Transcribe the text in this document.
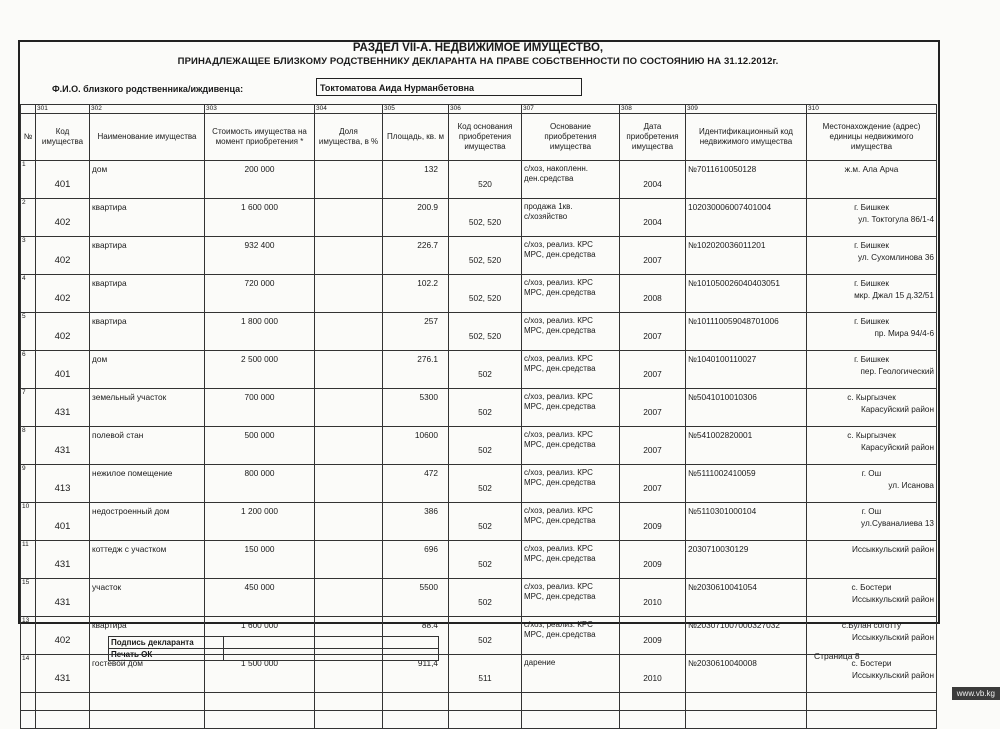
РАЗДЕЛ VII-А. НЕДВИЖИМОЕ ИМУЩЕСТВО,
ПРИНАДЛЕЖАЩЕЕ БЛИЗКОМУ РОДСТВЕННИКУ ДЕКЛАРАНТА НА ПРАВЕ СОБСТВЕННОСТИ ПО СОСТОЯНИЮ НА 31.12.2012г.
Ф.И.О. близкого родственника/иждивенца:	Токтоматова Аида Нурманбетовна
	301	302	303	304	305	306	307	308	309	310
№	Код имущества	Наименование имущества	Стоимость имущества на момент приобретения *	Доля имущества, в %	Площадь, кв. м	Код основания приобретения имущества	Основание приобретения имущества	Дата приобретения имущества	Идентификационный код недвижимого имущества	Местонахождение (адрес) единицы недвижимого имущества
1	401	дом	200 000		132	520	с/хоз, накопленн.
ден.средства	2004	№7011610050128	ж.м. Ала Арча

2	402	квартира	1 600 000		200.9	502, 520	продажа 1кв.
с/хозяйство	2004	102030006007401004	г. Бишкек
ул. Токтогула 86/1-4

3	402	квартира	932 400		226.7	502, 520	с/хоз, реализ. КРС
МРС, ден.средства	2007	№102020036011201	г. Бишкек
ул. Сухомлинова 36

4	402	квартира	720 000		102.2	502, 520	с/хоз, реализ. КРС
МРС, ден.средства	2008	№101050026040403051	г. Бишкек
мкр. Джал 15 д.32/51

5	402	квартира	1 800 000		257	502, 520	с/хоз, реализ. КРС
МРС, ден.средства	2007	№101110059048701006	г. Бишкек
пр. Мира 94/4-6

6	401	дом	2 500 000		276.1	502	с/хоз, реализ. КРС
МРС, ден.средства	2007	№1040100110027	г. Бишкек
пер. Геологический

7	431	земельный участок	700 000		5300	502	с/хоз, реализ. КРС
МРС, ден.средства	2007	№5041010010306	с. Кыргызчек
Карасуйский район

8	431	полевой стан	500 000		10600	502	с/хоз, реализ. КРС
МРС, ден.средства	2007	№541002820001	с. Кыргызчек
Карасуйский район

9	413	нежилое помещение	800 000		472	502	с/хоз, реализ. КРС
МРС, ден.средства	2007	№5111002410059	г. Ош
ул. Исанова

10	401	недостроенный дом	1 200 000		386	502	с/хоз, реализ. КРС
МРС, ден.средства	2009	№5110301000104	г. Ош
ул.Суваналиева 13

11	431	коттедж с участком	150 000		696	502	с/хоз, реализ. КРС
МРС, ден.средства	2009	20307100З0129	Иссыккульский район

15	431	участок	450 000		5500	502	с/хоз, реализ. КРС
МРС, ден.средства	2010	№2030610041054	с. Бостери
Иссыккульский район

13	402	квартира	1 600 000		88.4	502	с/хоз, реализ. КРС
МРС, ден.средства	2009	№203071007000327032	с.Булан соготту
Иссыккульский район

14	431	гостевой дом	1 500 000		911,4	511	дарение	2010	№2030610040008	с. Бостери
Иссыккульский район

Подпись декларанта	
Печать ОК		Страница 8
www.vb.kg
